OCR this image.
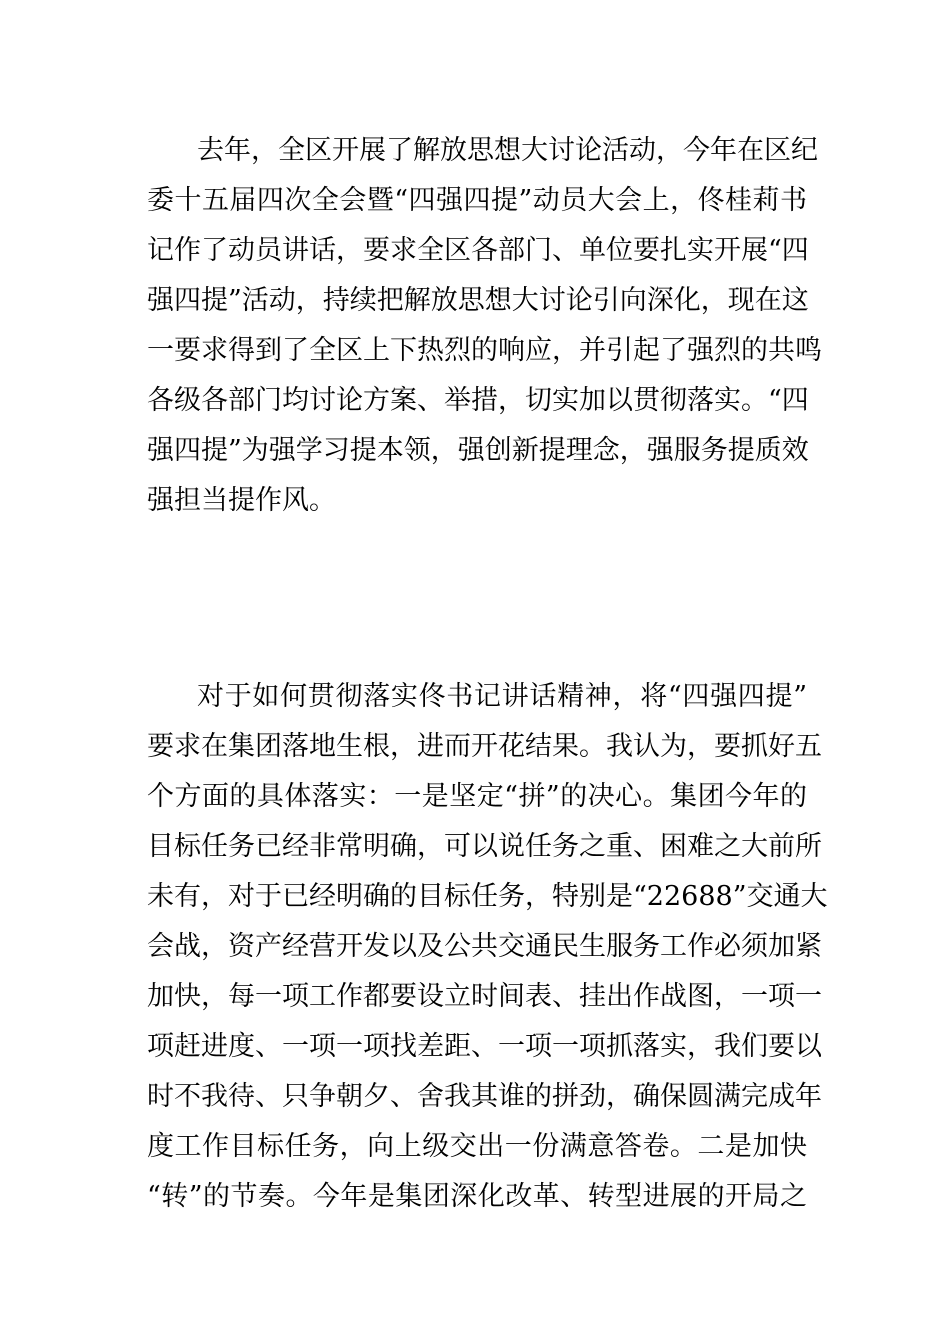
去年，全区开展了解放思想大讨论活动，今年在区纪
委十五届四次全会暨“四强四提”动员大会上，佟桂莉书
记作了动员讲话，要求全区各部门、单位要扎实开展“四
强四提”活动，持续把解放思想大讨论引向深化，现在这
一要求得到了全区上下热烈的响应，并引起了强烈的共鸣
各级各部门均讨论方案、举措，切实加以贯彻落实。“四
强四提”为强学习提本领，强创新提理念，强服务提质效
强担当提作风。
对于如何贯彻落实佟书记讲话精神，将“四强四提”
要求在集团落地生根，进而开花结果。我认为，要抓好五
个方面的具体落实：一是坚定“拼”的决心。集团今年的
目标任务已经非常明确，可以说任务之重、困难之大前所
未有，对于已经明确的目标任务，特别是“22688”交通大
会战，资产经营开发以及公共交通民生服务工作必须加紧
加快，每一项工作都要设立时间表、挂出作战图，一项一
项赶进度、一项一项找差距、一项一项抓落实，我们要以
时不我待、只争朝夕、舍我其谁的拼劲，确保圆满完成年
度工作目标任务，向上级交出一份满意答卷。二是加快
“转”的节奏。今年是集团深化改革、转型进展的开局之
